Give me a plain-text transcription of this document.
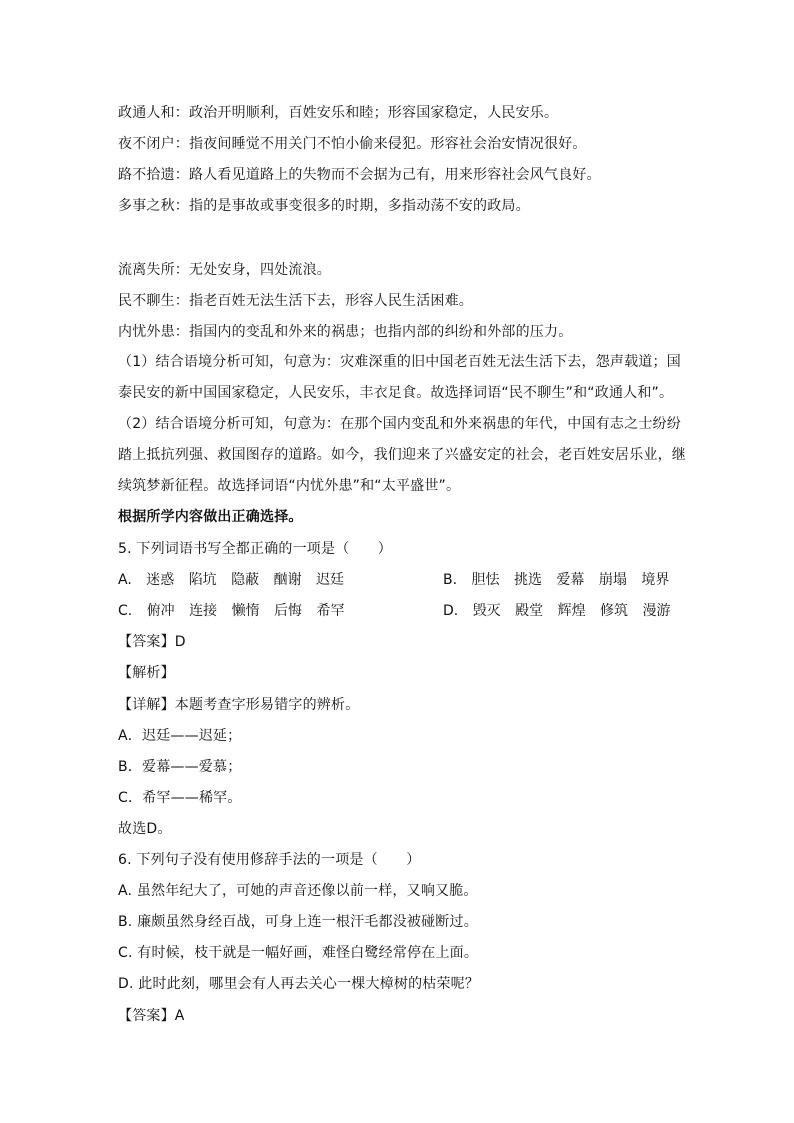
政通人和：政治开明顺利，百姓安乐和睦；形容国家稳定，人民安乐。
夜不闭户：指夜间睡觉不用关门不怕小偷来侵犯。形容社会治安情况很好。
路不拾遗：路人看见道路上的失物而不会据为己有，用来形容社会风气良好。
多事之秋：指的是事故或事变很多的时期，多指动荡不安的政局。
流离失所：无处安身，四处流浪。
民不聊生：指老百姓无法生活下去，形容人民生活困难。
内忧外患：指国内的变乱和外来的祸患；也指内部的纠纷和外部的压力。
（1）结合语境分析可知，句意为：灾难深重的旧中国老百姓无法生活下去，怨声载道；国
泰民安的新中国国家稳定，人民安乐，丰衣足食。故选择词语“民不聊生”和“政通人和”。
（2）结合语境分析可知，句意为：在那个国内变乱和外来祸患的年代，中国有志之士纷纷
踏上抵抗列强、救国图存的道路。如今，我们迎来了兴盛安定的社会，老百姓安居乐业，继
续筑梦新征程。故选择词语“内忧外患”和“太平盛世”。
根据所学内容做出正确选择。
5. 下列词语书写全都正确的一项是（　　）
A. 迷惑 陷坑 隐蔽 酗谢 迟廷	B. 胆怯 挑选 爱幕 崩塌 境界
C. 俯冲 连接 懒惰 后悔 希罕	D. 毁灭 殿堂 辉煌 修筑 漫游
【答案】D
【解析】
【详解】本题考查字形易错字的辨析。
A．迟廷——迟延；
B．爱幕——爱慕；
C．希罕——稀罕。
故选D。
6. 下列句子没有使用修辞手法的一项是（　　）
A. 虽然年纪大了，可她的声音还像以前一样，又响又脆。
B. 廉颇虽然身经百战，可身上连一根汗毛都没被碰断过。
C. 有时候，枝干就是一幅好画，难怪白鹭经常停在上面。
D. 此时此刻，哪里会有人再去关心一棵大樟树的枯荣呢？
【答案】A
